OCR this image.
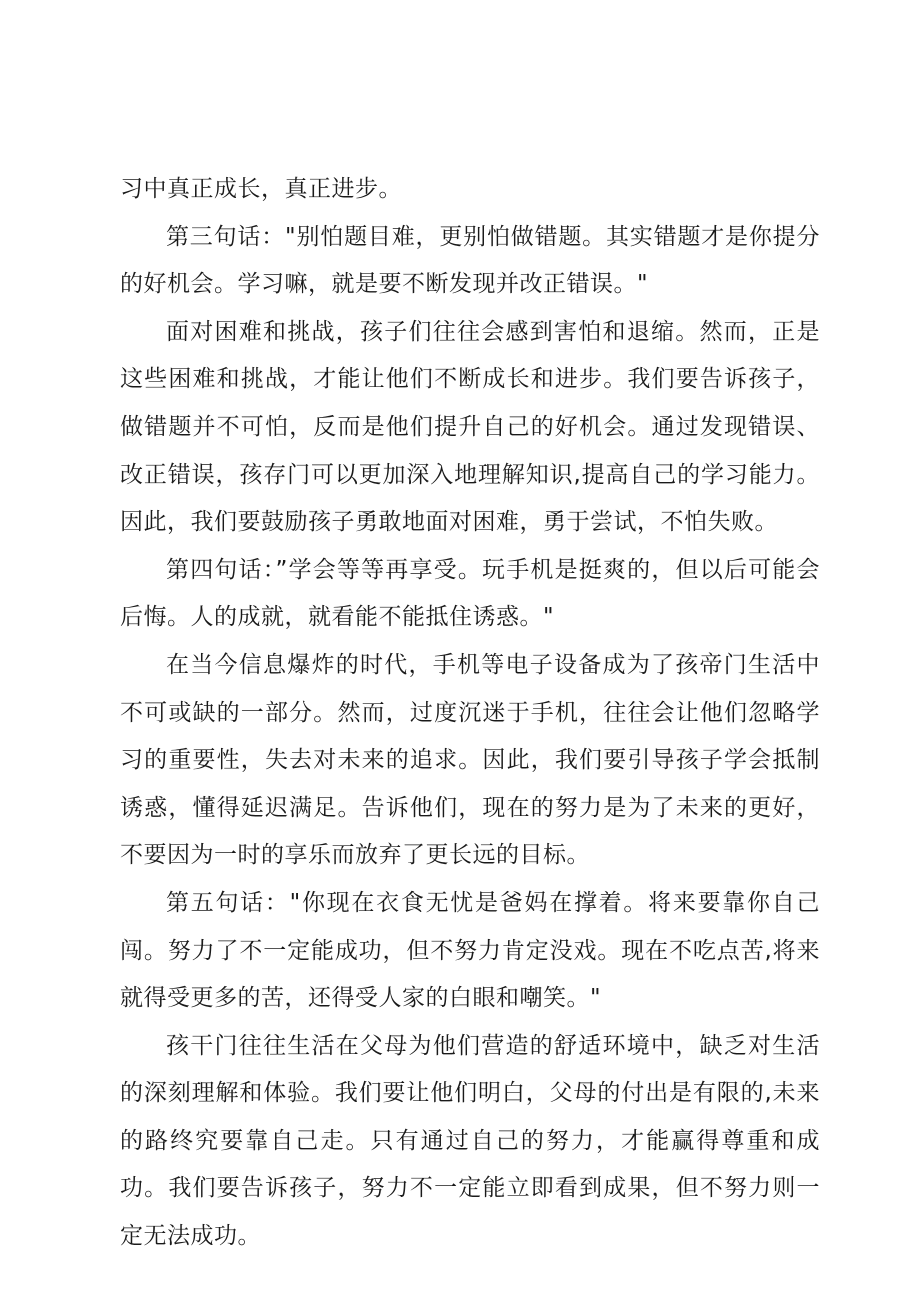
习中真正成长，真正进步。

第三句话："别怕题目难，更别怕做错题。其实错题才是你提分的好机会。学习嘛，就是要不断发现并改正错误。"

面对困难和挑战，孩子们往往会感到害怕和退缩。然而，正是这些困难和挑战，才能让他们不断成长和进步。我们要告诉孩子，做错题并不可怕，反而是他们提升自己的好机会。通过发现错误、改正错误，孩存门可以更加深入地理解知识,提高自己的学习能力。因此，我们要鼓励孩子勇敢地面对困难，勇于尝试，不怕失败。

第四句话：”学会等等再享受。玩手机是挺爽的，但以后可能会后悔。人的成就，就看能不能抵住诱惑。"

在当今信息爆炸的时代，手机等电子设备成为了孩帝门生活中不可或缺的一部分。然而，过度沉迷于手机，往往会让他们忽略学习的重要性，失去对未来的追求。因此，我们要引导孩子学会抵制诱惑，懂得延迟满足。告诉他们，现在的努力是为了未来的更好，不要因为一时的享乐而放弃了更长远的目标。

第五句话："你现在衣食无忧是爸妈在撑着。将来要靠你自己闯。努力了不一定能成功，但不努力肯定没戏。现在不吃点苦,将来就得受更多的苦，还得受人家的白眼和嘲笑。"

孩干门往往生活在父母为他们营造的舒适环境中，缺乏对生活的深刻理解和体验。我们要让他们明白，父母的付出是有限的,未来的路终究要靠自己走。只有通过自己的努力，才能赢得尊重和成功。我们要告诉孩子，努力不一定能立即看到成果，但不努力则一定无法成功。
